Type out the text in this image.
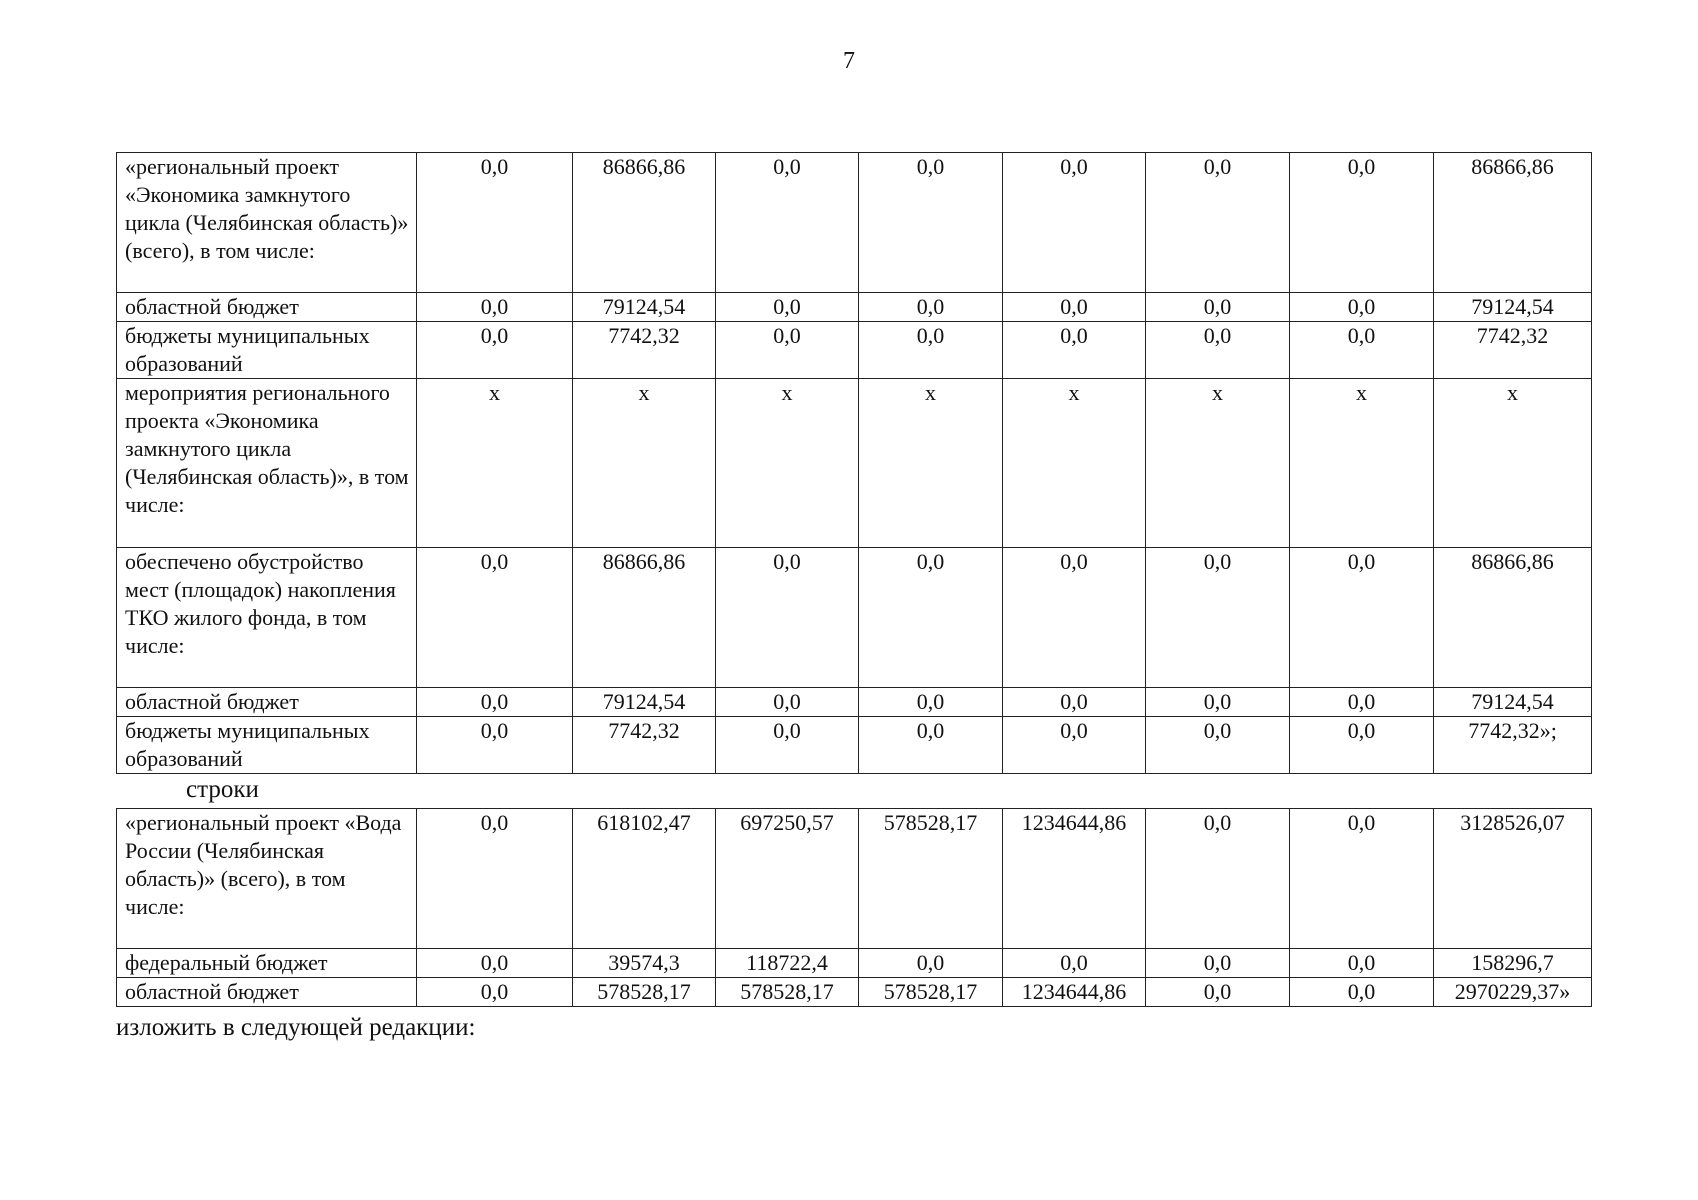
7
«региональный проект «Экономика замкнутого цикла (Челябинская область)» (всего), в том числе:	0,0	86866,86	0,0	0,0	0,0	0,0	0,0	86866,86
областной бюджет	0,0	79124,54	0,0	0,0	0,0	0,0	0,0	79124,54
бюджеты муниципальных образований	0,0	7742,32	0,0	0,0	0,0	0,0	0,0	7742,32
мероприятия регионального проекта «Экономика замкнутого цикла (Челябинская область)», в том числе:	x	x	x	x	x	x	x	x
обеспечено обустройство мест (площадок) накопления ТКО жилого фонда, в том числе:	0,0	86866,86	0,0	0,0	0,0	0,0	0,0	86866,86
областной бюджет	0,0	79124,54	0,0	0,0	0,0	0,0	0,0	79124,54
бюджеты муниципальных образований	0,0	7742,32	0,0	0,0	0,0	0,0	0,0	7742,32»;
строки
«региональный проект «Вода России (Челябинская область)» (всего), в том числе:	0,0	618102,47	697250,57	578528,17	1234644,86	0,0	0,0	3128526,07
федеральный бюджет	0,0	39574,3	118722,4	0,0	0,0	0,0	0,0	158296,7
областной бюджет	0,0	578528,17	578528,17	578528,17	1234644,86	0,0	0,0	2970229,37»
изложить в следующей редакции:
